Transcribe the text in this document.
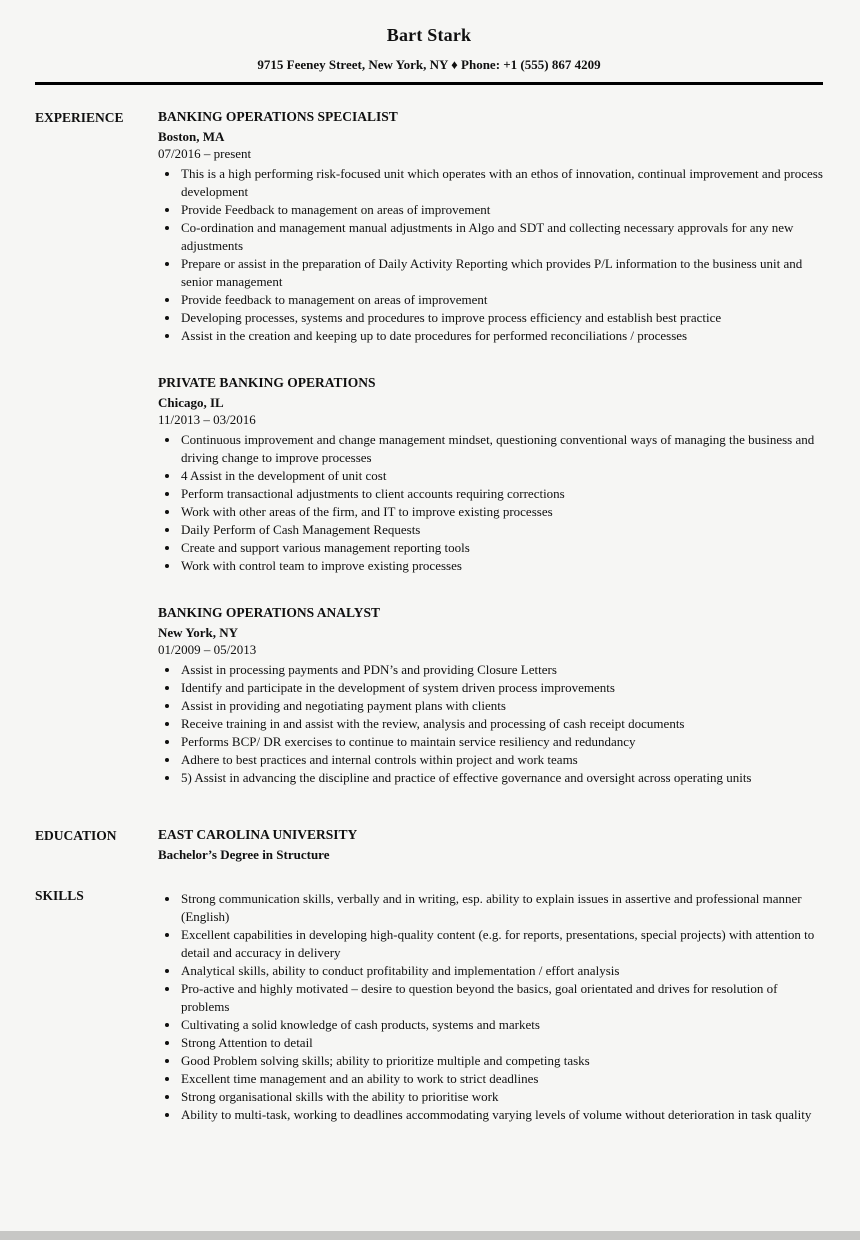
Bart Stark
9715 Feeney Street, New York, NY ♦ Phone: +1 (555) 867 4209
EXPERIENCE	BANKING OPERATIONS SPECIALIST
Boston, MA
07/2016 – present
• This is a high performing risk-focused unit which operates with an ethos of innovation, continual improvement and process development
• Provide Feedback to management on areas of improvement
• Co-ordination and management manual adjustments in Algo and SDT and collecting necessary approvals for any new adjustments
• Prepare or assist in the preparation of Daily Activity Reporting which provides P/L information to the business unit and senior management
• Provide feedback to management on areas of improvement
• Developing processes, systems and procedures to improve process efficiency and establish best practice
• Assist in the creation and keeping up to date procedures for performed reconciliations / processes
PRIVATE BANKING OPERATIONS
Chicago, IL
11/2013 – 03/2016
• Continuous improvement and change management mindset, questioning conventional ways of managing the business and driving change to improve processes
• 4 Assist in the development of unit cost
• Perform transactional adjustments to client accounts requiring corrections
• Work with other areas of the firm, and IT to improve existing processes
• Daily Perform of Cash Management Requests
• Create and support various management reporting tools
• Work with control team to improve existing processes
BANKING OPERATIONS ANALYST
New York, NY
01/2009 – 05/2013
• Assist in processing payments and PDN’s and providing Closure Letters
• Identify and participate in the development of system driven process improvements
• Assist in providing and negotiating payment plans with clients
• Receive training in and assist with the review, analysis and processing of cash receipt documents
• Performs BCP/ DR exercises to continue to maintain service resiliency and redundancy
• Adhere to best practices and internal controls within project and work teams
• 5) Assist in advancing the discipline and practice of effective governance and oversight across operating units
EDUCATION	EAST CAROLINA UNIVERSITY
Bachelor’s Degree in Structure
SKILLS	• Strong communication skills, verbally and in writing, esp. ability to explain issues in assertive and professional manner (English)
• Excellent capabilities in developing high-quality content (e.g. for reports, presentations, special projects) with attention to detail and accuracy in delivery
• Analytical skills, ability to conduct profitability and implementation / effort analysis
• Pro-active and highly motivated – desire to question beyond the basics, goal orientated and drives for resolution of problems
• Cultivating a solid knowledge of cash products, systems and markets
• Strong Attention to detail
• Good Problem solving skills; ability to prioritize multiple and competing tasks
• Excellent time management and an ability to work to strict deadlines
• Strong organisational skills with the ability to prioritise work
• Ability to multi-task, working to deadlines accommodating varying levels of volume without deterioration in task quality
